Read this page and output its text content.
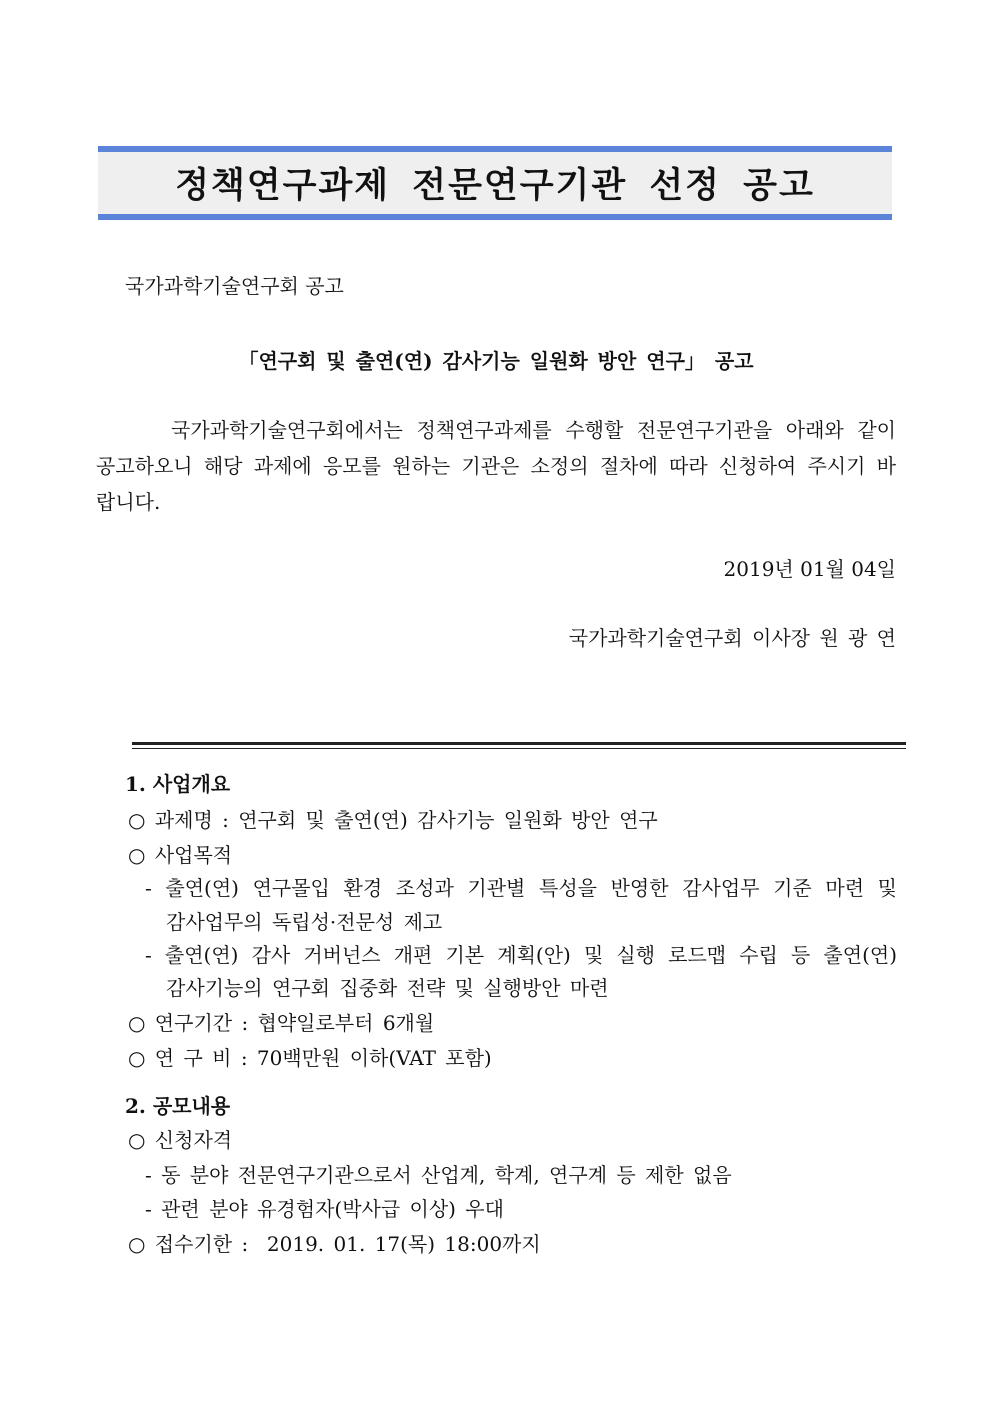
정책연구과제 전문연구기관 선정 공고
국가과학기술연구회 공고
「연구회 및 출연(연) 감사기능 일원화 방안 연구」 공고
국가과학기술연구회에서는 정책연구과제를 수행할 전문연구기관을 아래와 같이 공고하오니 해당 과제에 응모를 원하는 기관은 소정의 절차에 따라 신청하여 주시기 바랍니다.
2019년 01월 04일
국가과학기술연구회 이사장 원 광 연
1. 사업개요
○ 과제명 : 연구회 및 출연(연) 감사기능 일원화 방안 연구
○ 사업목적
- 출연(연) 연구몰입 환경 조성과 기관별 특성을 반영한 감사업무 기준 마련 및
감사업무의 독립성·전문성 제고
- 출연(연) 감사 거버넌스 개편 기본 계획(안) 및 실행 로드맵 수립 등 출연(연)
감사기능의 연구회 집중화 전략 및 실행방안 마련
○ 연구기간 : 협약일로부터 6개월
○ 연 구 비 : 70백만원 이하(VAT 포함)
2. 공모내용
○ 신청자격
- 동 분야 전문연구기관으로서 산업계, 학계, 연구계 등 제한 없음
- 관련 분야 유경험자(박사급 이상) 우대
○ 접수기한 :  2019. 01. 17(목) 18:00까지
